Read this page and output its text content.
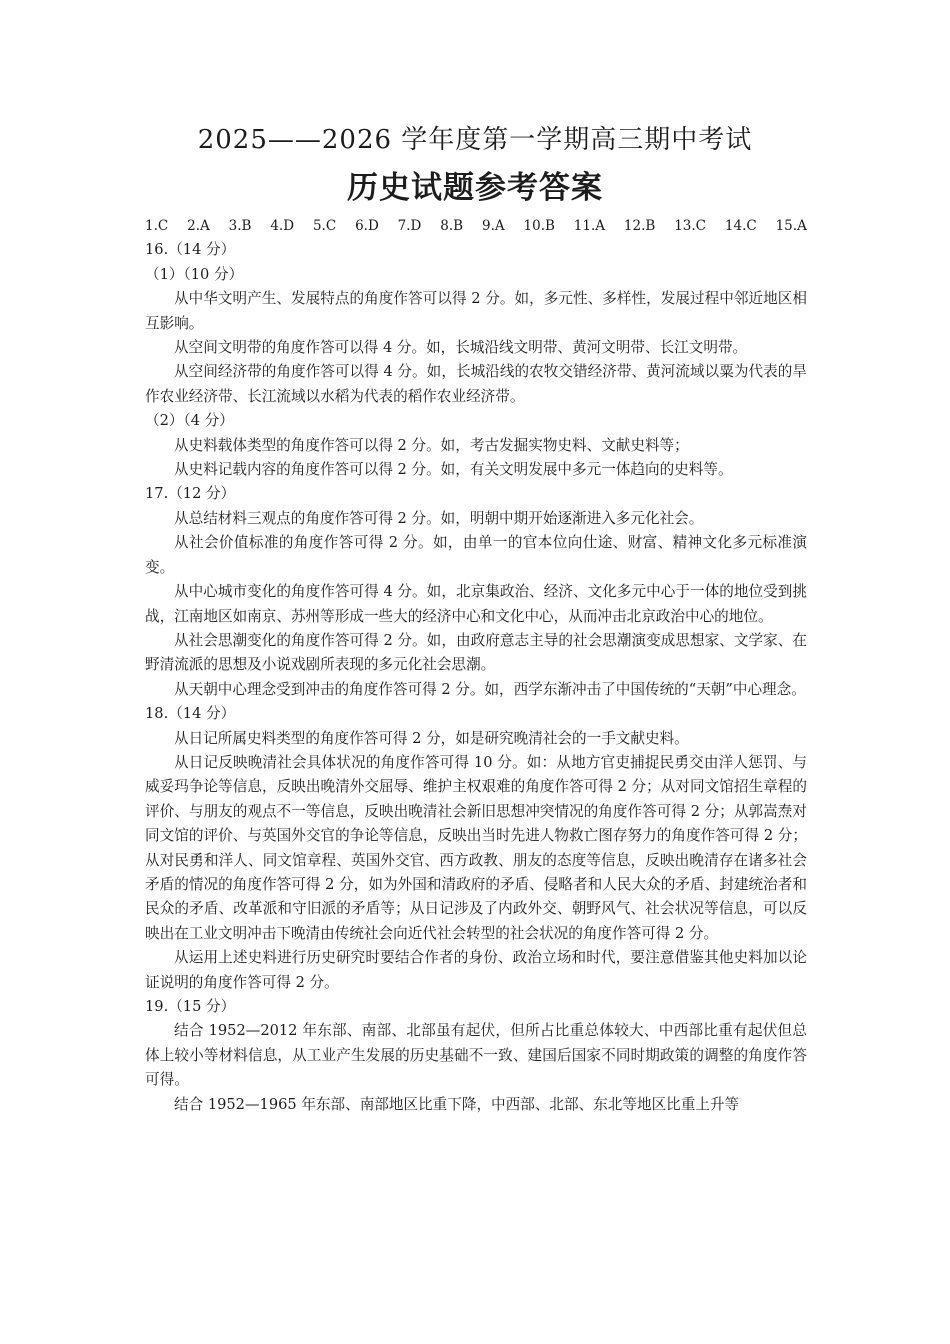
2025——2026 学年度第一学期高三期中考试
历史试题参考答案
1.C 2.A 3.B 4.D 5.C 6.D 7.D 8.B 9.A 10.B 11.A 12.B 13.C 14.C 15.A
16.（14 分）
（1）（10 分）

从中华文明产生、发展特点的角度作答可以得 2 分。如，多元性、多样性，发展过程中邻近地区相互影响。

从空间文明带的角度作答可以得 4 分。如，长城沿线文明带、黄河文明带、长江文明带。

从空间经济带的角度作答可以得 4 分。如，长城沿线的农牧交错经济带、黄河流域以粟为代表的旱作农业经济带、长江流域以水稻为代表的稻作农业经济带。

（2）（4 分）

从史料载体类型的角度作答可以得 2 分。如，考古发掘实物史料、文献史料等；

从史料记载内容的角度作答可以得 2 分。如，有关文明发展中多元一体趋向的史料等。

17.（12 分）

从总结材料三观点的角度作答可得 2 分。如，明朝中期开始逐渐进入多元化社会。

从社会价值标准的角度作答可得 2 分。如，由单一的官本位向仕途、财富、精神文化多元标准演变。

从中心城市变化的角度作答可得 4 分。如，北京集政治、经济、文化多元中心于一体的地位受到挑战，江南地区如南京、苏州等形成一些大的经济中心和文化中心，从而冲击北京政治中心的地位。

从社会思潮变化的角度作答可得 2 分。如，由政府意志主导的社会思潮演变成思想家、文学家、在野清流派的思想及小说戏剧所表现的多元化社会思潮。

从天朝中心理念受到冲击的角度作答可得 2 分。如，西学东渐冲击了中国传统的“天朝”中心理念。

18.（14 分）

从日记所属史料类型的角度作答可得 2 分，如是研究晚清社会的一手文献史料。

从日记反映晚清社会具体状况的角度作答可得 10 分。如：从地方官吏捕捉民勇交由洋人惩罚、与威妥玛争论等信息，反映出晚清外交屈辱、维护主权艰难的角度作答可得 2 分；从对同文馆招生章程的评价、与朋友的观点不一等信息，反映出晚清社会新旧思想冲突情况的角度作答可得 2 分；从郭嵩焘对同文馆的评价、与英国外交官的争论等信息，反映出当时先进人物救亡图存努力的角度作答可得 2 分；从对民勇和洋人、同文馆章程、英国外交官、西方政教、朋友的态度等信息，反映出晚清存在诸多社会矛盾的情况的角度作答可得 2 分，如为外国和清政府的矛盾、侵略者和人民大众的矛盾、封建统治者和民众的矛盾、改革派和守旧派的矛盾等；从日记涉及了内政外交、朝野风气、社会状况等信息，可以反映出在工业文明冲击下晚清由传统社会向近代社会转型的社会状况的角度作答可得 2 分。

从运用上述史料进行历史研究时要结合作者的身份、政治立场和时代，要注意借鉴其他史料加以论证说明的角度作答可得 2 分。

19.（15 分）

结合 1952—2012 年东部、南部、北部虽有起伏，但所占比重总体较大、中西部比重有起伏但总体上较小等材料信息，从工业产生发展的历史基础不一致、建国后国家不同时期政策的调整的角度作答可得。

结合 1952—1965 年东部、南部地区比重下降，中西部、北部、东北等地区比重上升等
